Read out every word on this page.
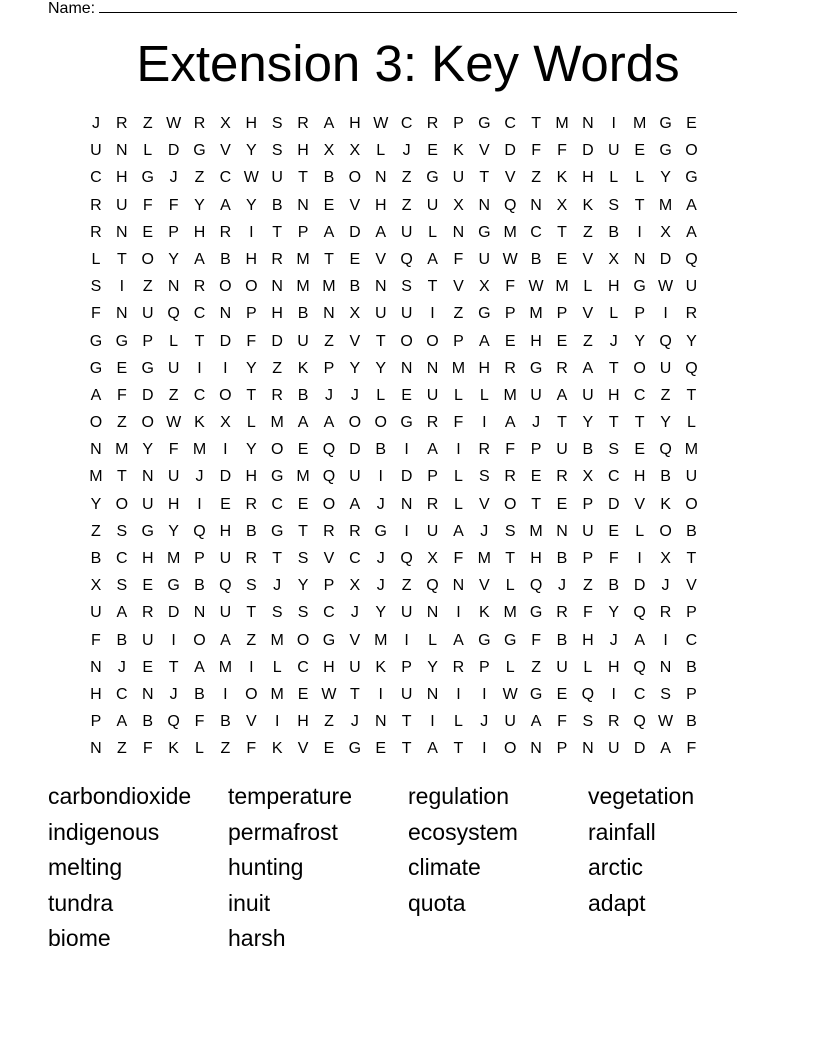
Name:
Extension 3: Key Words
J	R Z W R X H S R A H W C R P G C T M N	I	M G E
U N L D G V Y S H X X	L	J	E K V D F	F D U E G O
C H G J	Z C W U T B O N Z G U T V Z K H L	L	Y G
R U F	F Y A Y B N E V H Z U X N Q N X K S T M A
R N E P H R	I	T P A D A U L N G M C T	Z B	I	X A
L	T O Y A B H R M T E V Q A F U W B E V X N D Q
S	I	Z N R O O N M M B N S T V X F W M L H G W U
F N U Q C N P H B N X U U	I	Z G P M P V	L	P	I	R
G G P	L	T D F D U Z V T O O P A E H E Z	J	Y Q Y
G E G U	I	I	Y Z K P Y Y N N M H R G R A T O U Q
A F D Z C O T R B	J	J	L	E U L	L M U A U H C Z	T
O Z O W K X	L M A A O O G R F	I	A	J	T Y T	T Y	L
N M Y F M	I	Y O E Q D B	I	A	I	R F P U B S E Q M
M T N U	J	D H G M Q U	I	D P	L	S R E R X C H B U
Y O U H	I	E R C E O A	J	N R L	V O T E P D V K O
Z S G Y Q H B G T R R G	I	U A	J	S M N U E	L O B
B C H M P U R T S V C	J Q X F M T H B P F	I	X T
X S E G B Q S	J	Y P X	J	Z Q N V	L Q J	Z B D	J	V
U A R D N U T S S C	J	Y U N	I	K M G R F Y Q R P
F B U	I	O A Z M O G V M	I	L	A G G F B H	J	A	I	C
N	J	E T A M	I	L C H U K P Y R P	L	Z U L H Q N B
H C N	J	B	I	O M E W T	I	U N	I	I	W G E Q	I	C S P
P A B Q F B V	I	H Z	J	N T	I	L	J	U A F S R Q W B
N Z	F K	L	Z	F K V E G E T A T	I	O N P N U D A F
carbondioxide	temperature	regulation	vegetation
indigenous	permafrost	ecosystem	rainfall
melting	hunting	climate	arctic
tundra	inuit	quota	adapt
biome	harsh
